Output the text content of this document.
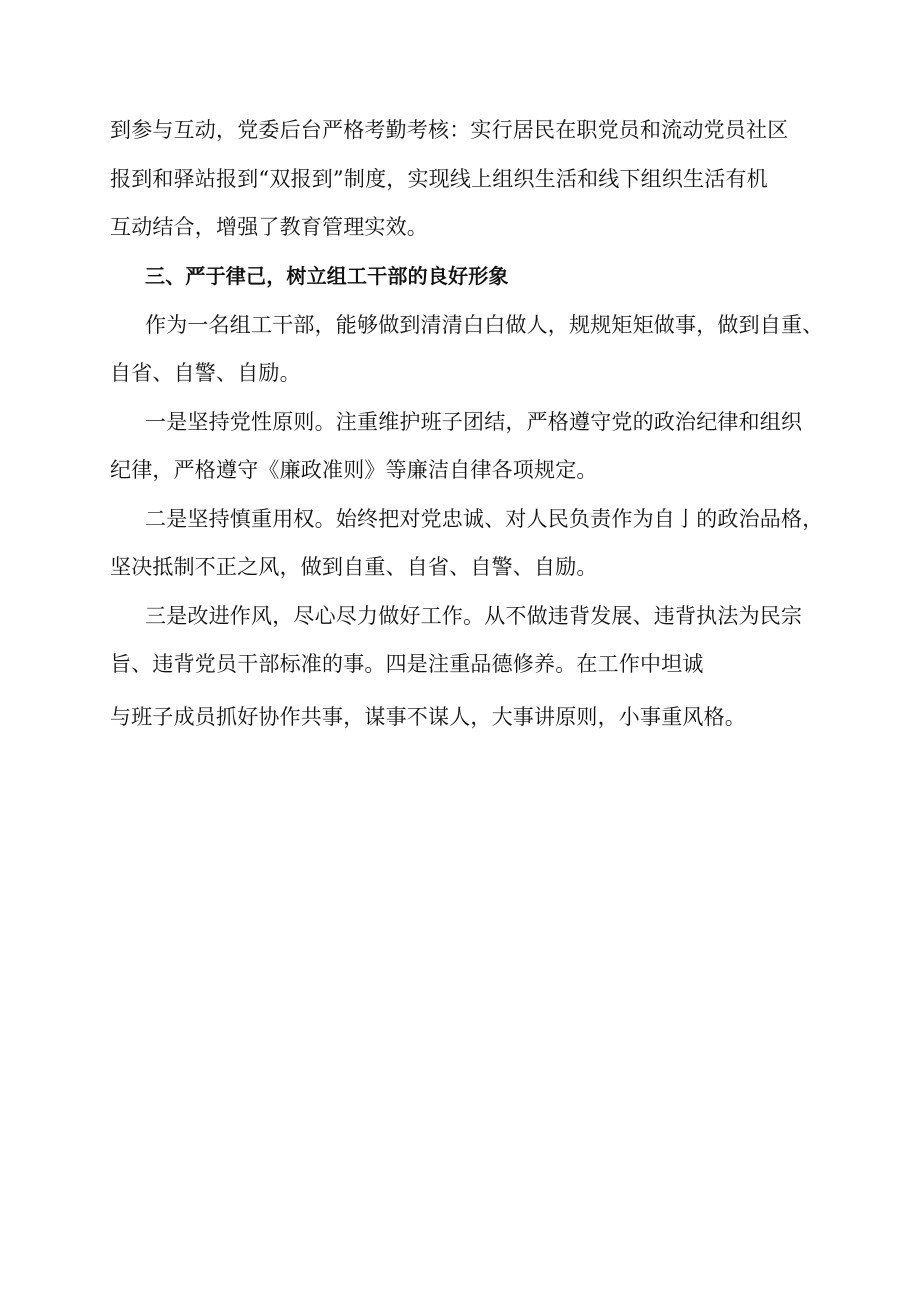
到参与互动，党委后台严格考勤考核：实行居民在职党员和流动党员社区
报到和驿站报到“双报到”制度，实现线上组织生活和线下组织生活有机
互动结合，增强了教育管理实效。
三、严于律己，树立组工干部的良好形象
作为一名组工干部，能够做到清清白白做人，规规矩矩做事，做到自重、
自省、自警、自励。
一是坚持党性原则。注重维护班子团结，严格遵守党的政治纪律和组织
纪律，严格遵守《廉政准则》等廉洁自律各项规定。
二是坚持慎重用权。始终把对党忠诚、对人民负责作为自亅的政治品格，
坚决抵制不正之风，做到自重、自省、自警、自励。
三是改进作风，尽心尽力做好工作。从不做违背发展、违背执法为民宗
旨、违背党员干部标准的事。四是注重品德修养。在工作中坦诚
与班子成员抓好协作共事，谋事不谋人，大事讲原则，小事重风格。
